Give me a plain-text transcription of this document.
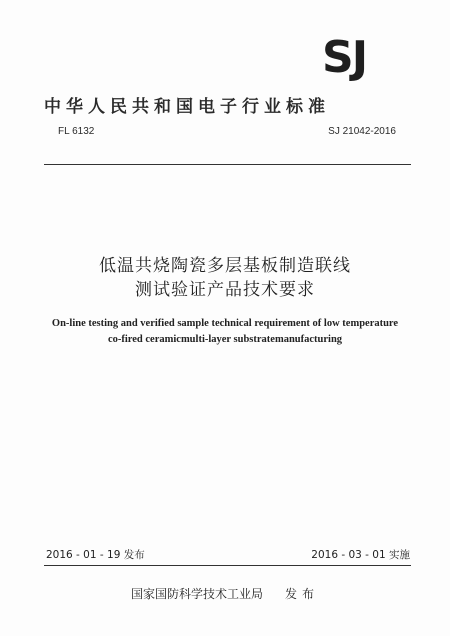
SJ
中华人民共和国电子行业标准
FL 6132	SJ 21042-2016
低温共烧陶瓷多层基板制造联线
测试验证产品技术要求
On-line testing and verified sample technical requirement of low temperature
co-fired ceramicmulti-layer substratemanufacturing
2016 - 01 - 19 发布	2016 - 03 - 01 实施
国家国防科学技术工业局 发布
